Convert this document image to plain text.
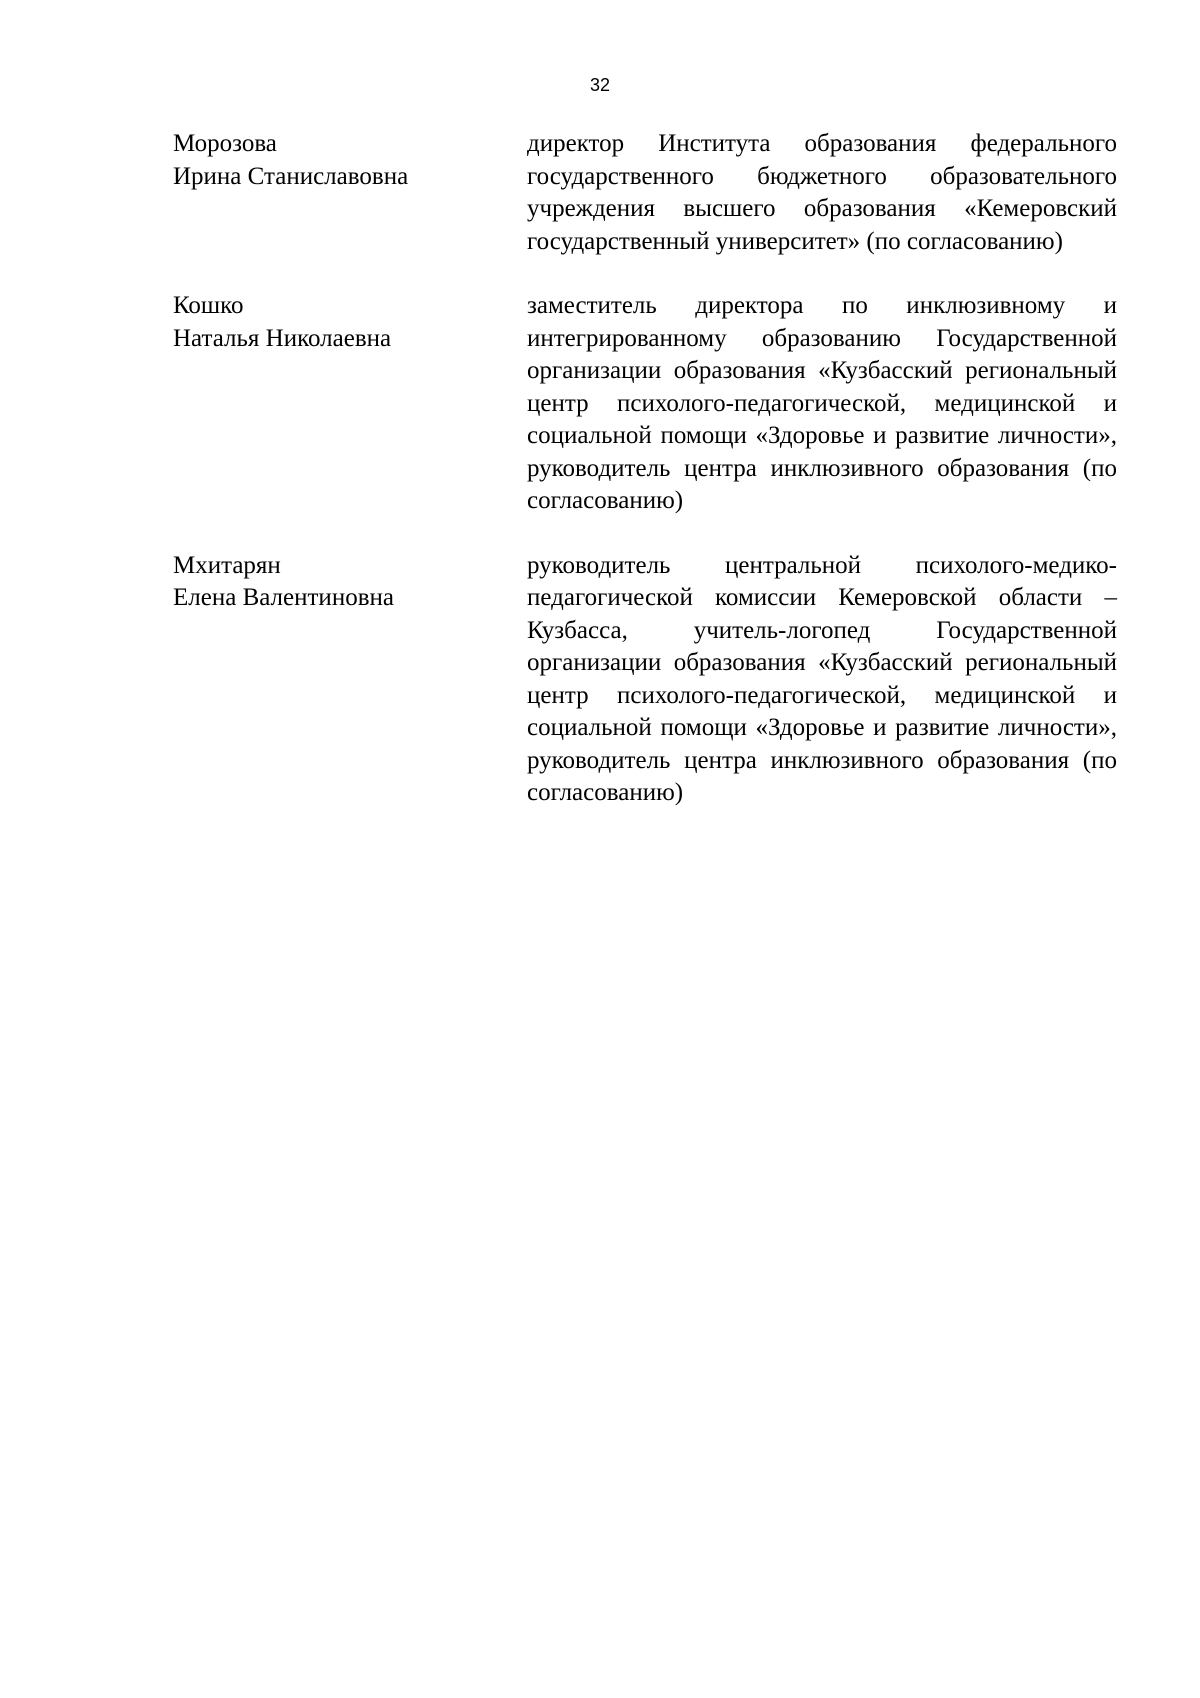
32
Морозова
Ирина Станиславовна
директор Института образования федерального государственного бюджетного образовательного учреждения высшего образования «Кемеровский государственный университет» (по согласованию)
Кошко
Наталья Николаевна
заместитель директора по инклюзивному и интегрированному образованию Государственной организации образования «Кузбасский региональный центр психолого-педагогической, медицинской и социальной помощи «Здоровье и развитие личности», руководитель центра инклюзивного образования (по согласованию)
Мхитарян
Елена Валентиновна
руководитель центральной психолого-медико-педагогической комиссии Кемеровской области – Кузбасса, учитель-логопед Государственной организации образования «Кузбасский региональный центр психолого-педагогической, медицинской и социальной помощи «Здоровье и развитие личности», руководитель центра инклюзивного образования (по согласованию)
